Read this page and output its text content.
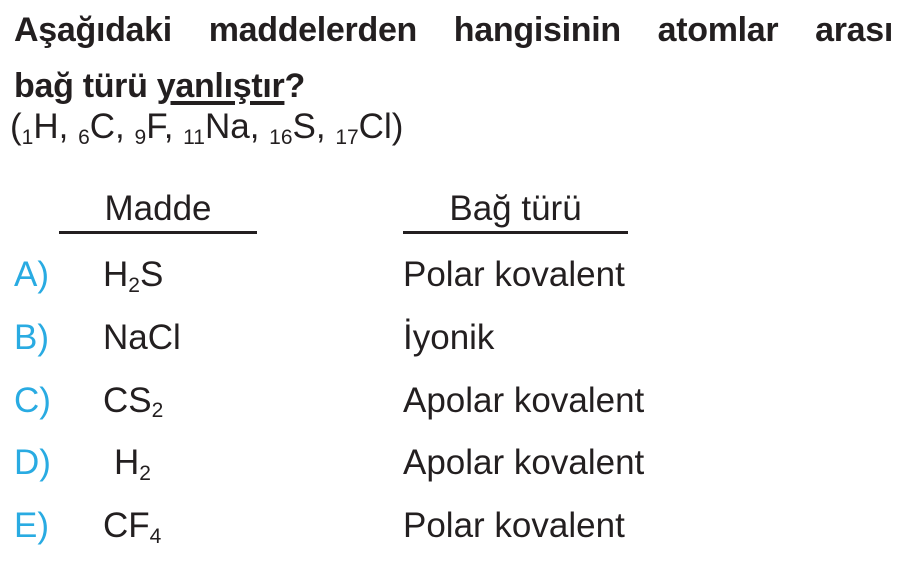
Aşağıdaki maddelerden hangisinin atomlar arası

bağ türü yanlıştır?

($_1H$, $_6$C, $_9$F, $_{11}$Na, $_{16}$S, $_{17}$Cl)

Madde	Bağ türü
A)	$H_2S$	Polar kovalent
B)	NaCl	İyonik
C)	$CS_2$	Apolar kovalent
D)	$H_2$	Apolar kovalent
E)	$CF_4$	Polar kovalent
